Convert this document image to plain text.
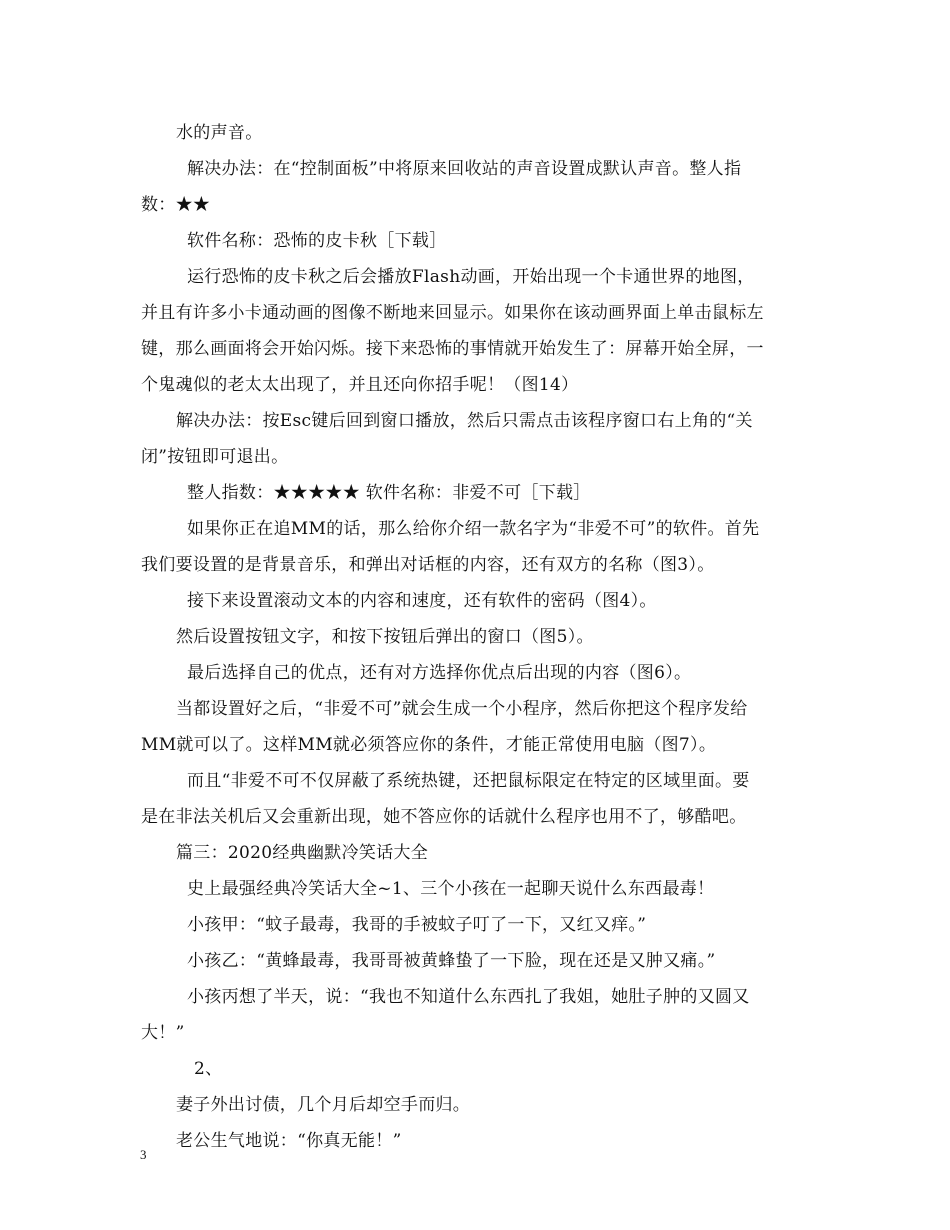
水的声音。
解决办法：在“控制面板”中将原来回收站的声音设置成默认声音。整人指
数：★★
软件名称：恐怖的皮卡秋［下载］
运行恐怖的皮卡秋之后会播放Flash动画，开始出现一个卡通世界的地图，
并且有许多小卡通动画的图像不断地来回显示。如果你在该动画界面上单击鼠标左
键，那么画面将会开始闪烁。接下来恐怖的事情就开始发生了：屏幕开始全屏，一
个鬼魂似的老太太出现了，并且还向你招手呢！（图14）
解决办法：按Esc键后回到窗口播放，然后只需点击该程序窗口右上角的“关
闭”按钮即可退出。
整人指数：★★★★★ 软件名称：非爱不可［下载］
如果你正在追MM的话，那么给你介绍一款名字为“非爱不可”的软件。首先
我们要设置的是背景音乐，和弹出对话框的内容，还有双方的名称（图3）。
接下来设置滚动文本的内容和速度，还有软件的密码（图4）。
然后设置按钮文字，和按下按钮后弹出的窗口（图5）。
最后选择自己的优点，还有对方选择你优点后出现的内容（图6）。
当都设置好之后，“非爱不可”就会生成一个小程序，然后你把这个程序发给
MM就可以了。这样MM就必须答应你的条件，才能正常使用电脑（图7）。
而且“非爱不可不仅屏蔽了系统热键，还把鼠标限定在特定的区域里面。要
是在非法关机后又会重新出现，她不答应你的话就什么程序也用不了，够酷吧。
篇三：2020经典幽默冷笑话大全
史上最强经典冷笑话大全~1、三个小孩在一起聊天说什么东西最毒！
小孩甲：“蚊子最毒，我哥的手被蚊子叮了一下，又红又痒。”
小孩乙：“黄蜂最毒，我哥哥被黄蜂蛰了一下脸，现在还是又肿又痛。”
小孩丙想了半天，说：“我也不知道什么东西扎了我姐，她肚子肿的又圆又
大！”
2、
妻子外出讨债，几个月后却空手而归。
老公生气地说：“你真无能！”
3
